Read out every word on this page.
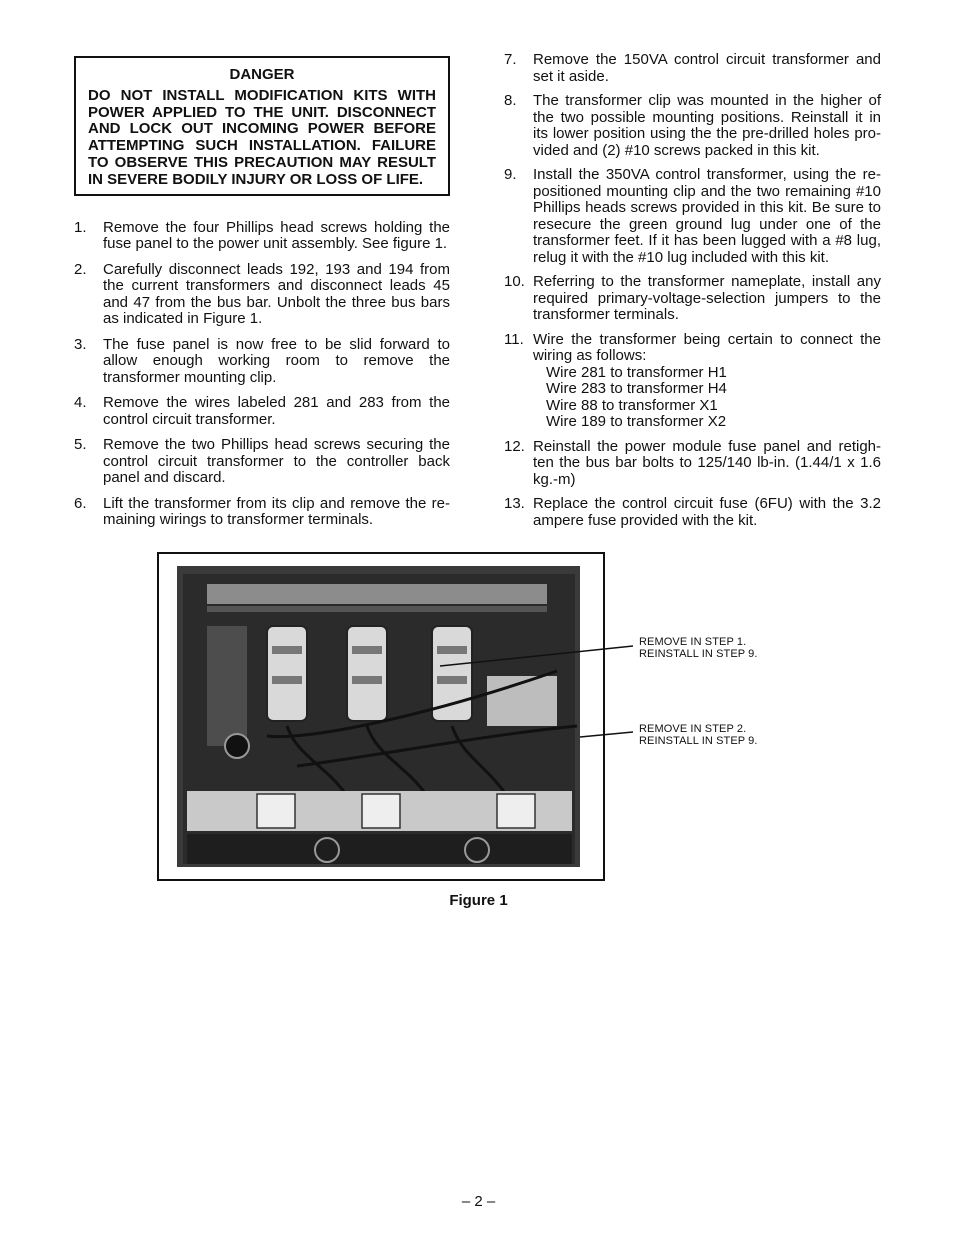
DANGER
DO NOT INSTALL MODIFICATION KITS WITH POWER APPLIED TO THE UNIT. DISCONNECT AND LOCK OUT INCOMING POWER BEFORE ATTEMPTING SUCH INSTALLATION. FAILURE TO OBSERVE THIS PRECAUTION MAY RESULT IN SEVERE BODILY INJURY OR LOSS OF LIFE.
1.	Remove the four Phillips head screws holding the fuse panel to the power unit assembly. See figure 1.
2.	Carefully disconnect leads 192, 193 and 194 from the current transformers and disconnect leads 45 and 47 from the bus bar. Unbolt the three bus bars as indicated in Figure 1.
3.	The fuse panel is now free to be slid forward to allow enough working room to remove the transformer mounting clip.
4.	Remove the wires labeled 281 and 283 from the control circuit transformer.
5.	Remove the two Phillips head screws securing the control circuit transformer to the controller back panel and discard.
6.	Lift the transformer from its clip and remove the re-maining wirings to transformer terminals.
7.	Remove the 150VA control circuit transformer and set it aside.
8.	The transformer clip was mounted in the higher of the two possible mounting positions. Reinstall it in its lower position using the the pre-drilled holes pro-vided and (2) #10 screws packed in this kit.
9.	Install the 350VA control transformer, using the re-positioned mounting clip and the two remaining #10 Phillips heads screws provided in this kit. Be sure to resecure the green ground lug under one of the transformer feet. If it has been lugged with a #8 lug, relug it with the #10 lug included with this kit.
10. Referring to the transformer nameplate, install any required primary-voltage-selection jumpers to the transformer terminals.
11. Wire the transformer being certain to connect the wiring as follows:
Wire 281 to transformer H1
Wire 283 to transformer H4
Wire 88 to transformer X1
Wire 189 to transformer X2
12. Reinstall the power module fuse panel and retigh-ten the bus bar bolts to 125/140 lb-in. (1.44/1 x 1.6 kg.-m)
13. Replace the control circuit fuse (6FU) with the 3.2 ampere fuse provided with the kit.
REMOVE IN STEP 1.
REINSTALL IN STEP 9.
REMOVE IN STEP 2.
REINSTALL IN STEP 9.
Figure 1
– 2 –
